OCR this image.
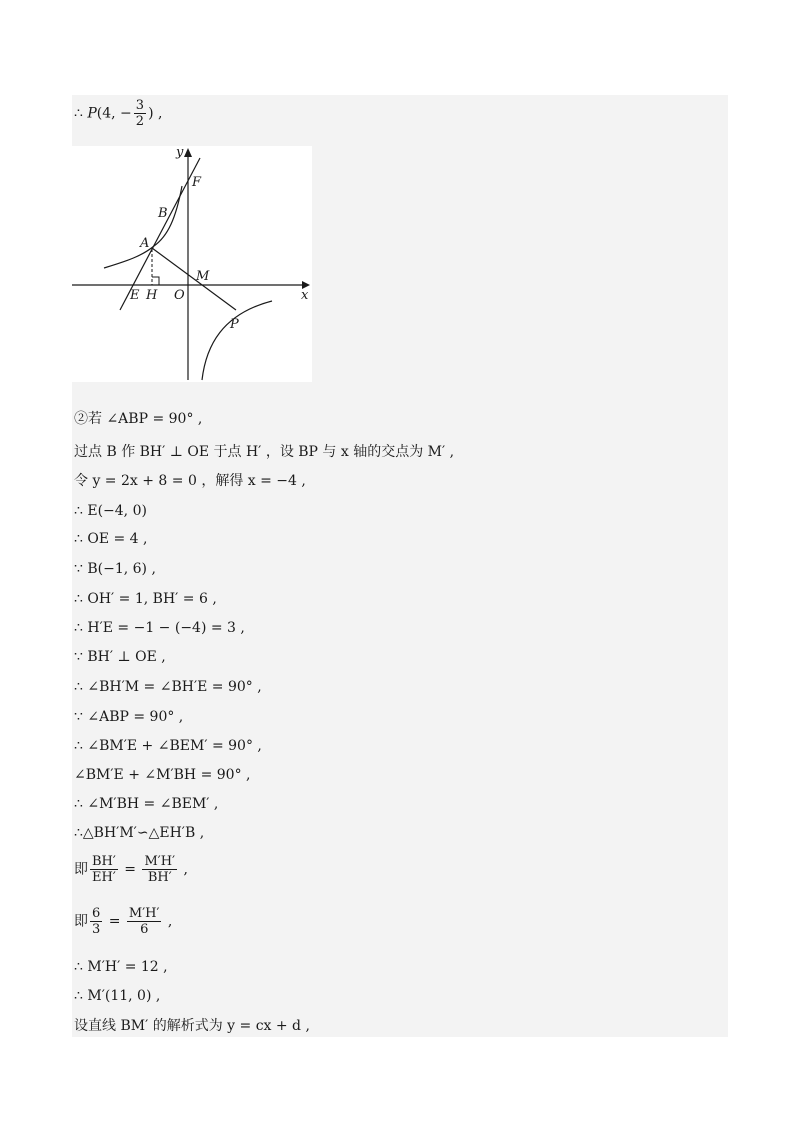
∴ P(4, − $\frac{3}{2}$ ) ,
y
x
F
B
A
M
E H O
P
②若 ∠ABP = 90° ,
过点 B 作 BH′ ⊥ OE 于点 H′ ，设 BP 与 x 轴的交点为 M′ ,
令 y = 2x + 8 = 0 ，解得 x = −4 ,
∴ E(−4, 0)
∴ OE = 4 ,
∵ B(−1, 6) ,
∴ OH′ = 1, BH′ = 6 ,
∴ H′E = −1 − (−4) = 3 ,
∵ BH′ ⊥ OE ,
∴ ∠BH′M = ∠BH′E = 90° ,
∵ ∠ABP = 90° ,
∴ ∠BM′E + ∠BEM′ = 90° ,
∠BM′E + ∠M′BH = 90° ,
∴ ∠M′BH = ∠BEM′ ,
∴△BH′M′∽△EH′B ,
即 $\frac{BH'}{EH'} = \frac{M'H'}{BH'}$ ,
即 $\frac{6}{3} = \frac{M'H'}{6}$ ,
∴ M′H′ = 12 ,
∴ M′(11, 0) ,
设直线 BM′ 的解析式为 y = cx + d ,
